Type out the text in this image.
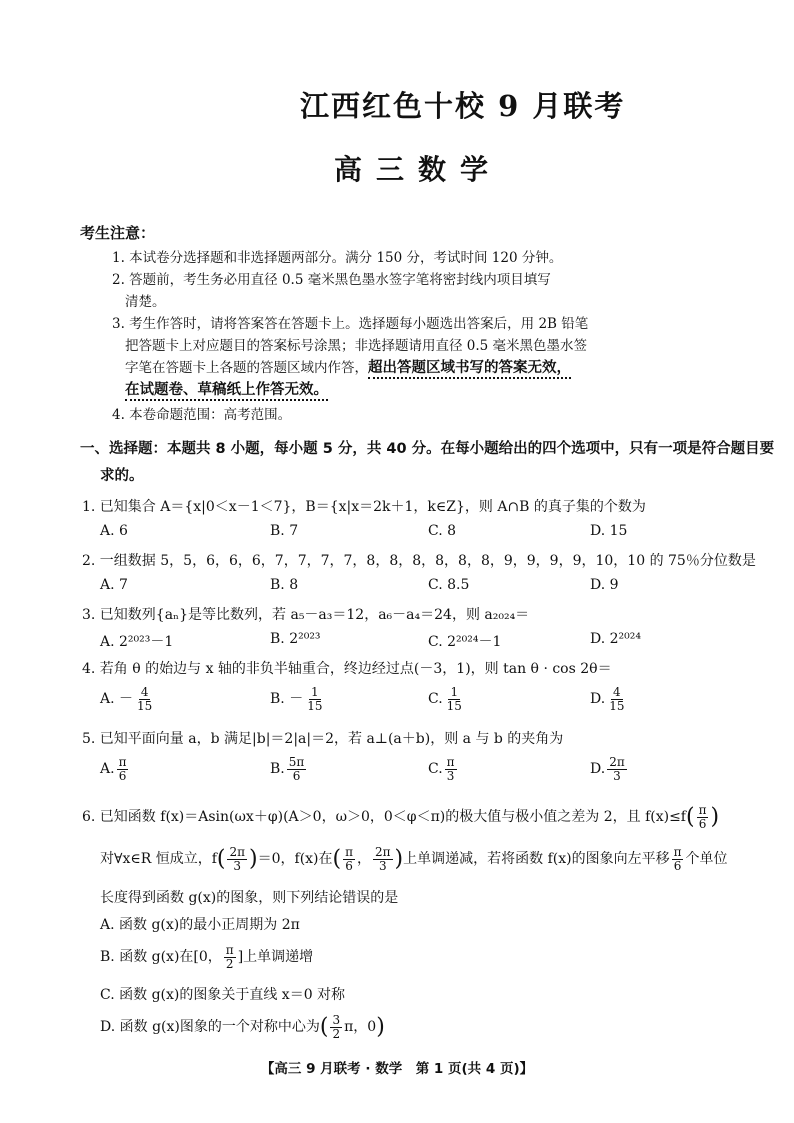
江西红色十校 9 月联考
高三数学
考生注意：
1. 本试卷分选择题和非选择题两部分。满分 150 分，考试时间 120 分钟。
2. 答题前，考生务必用直径 0.5 毫米黑色墨水签字笔将密封线内项目填写
清楚。
3. 考生作答时，请将答案答在答题卡上。选择题每小题选出答案后，用 2B 铅笔
把答题卡上对应题目的答案标号涂黑；非选择题请用直径 0.5 毫米黑色墨水签
字笔在答题卡上各题的答题区域内作答，超出答题区域书写的答案无效，
在试题卷、草稿纸上作答无效。
4. 本卷命题范围：高考范围。
一、选择题：本题共 8 小题，每小题 5 分，共 40 分。在每小题给出的四个选项中，只有一项是符合题目要
求的。
1. 已知集合 A＝{x|0＜x－1＜7}，B＝{x|x＝2k＋1，k∈Z}，则 A∩B 的真子集的个数为
A. 6	B. 7	C. 8	D. 15
2. 一组数据 5，5，6，6，6，7，7，7，7，8，8，8，8，8，8，9，9，9，9，10，10 的 75％分位数是
A. 7	B. 8	C. 8.5	D. 9
3. 已知数列{aₙ}是等比数列，若 a₅－a₃＝12，a₆－a₄＝24，则 a₂₀₂₄＝
A. 2²⁰²³－1	B. 2²⁰²³	C. 2²⁰²⁴－1	D. 2²⁰²⁴
4. 若角 θ 的始边与 x 轴的非负半轴重合，终边经过点(－3，1)，则 tan θ · cos 2θ＝
A. － $\frac{4}{15}$	B. － $\frac{1}{15}$	C. $\frac{1}{15}$	D. $\frac{4}{15}$
5. 已知平面向量 a，b 满足|b|＝2|a|＝2，若 a⊥(a＋b)，则 a 与 b 的夹角为
A. $\frac{\pi}{6}$	B. $\frac{5\pi}{6}$	C. $\frac{\pi}{3}$	D. $\frac{2\pi}{3}$
6. 已知函数 f(x)＝Asin(ωx＋φ)(A＞0，ω＞0，0＜φ＜π)的极大值与极小值之差为 2，且 $f(x)\le f( \frac{\pi}{6}$ )
对∀x∈R 恒成立，$f( \frac{2\pi}{3} )=0$，f(x)在( $\frac{\pi}{6}$ ， $\frac{2\pi}{3}$ )上单调递减，若将函数 f(x)的图象向左平移 $\frac{\pi}{6}$ 个单位
长度得到函数 g(x)的图象，则下列结论错误的是
A. 函数 g(x)的最小正周期为 2π
B. 函数 g(x)在[0， $\frac{\pi}{2}$ ]上单调递增
C. 函数 g(x)的图象关于直线 x＝0 对称
D. 函数 g(x)图象的一个对称中心为( $\frac{3}{2}$ π，0)
【高三 9 月联考 · 数学　第 1 页(共 4 页)】
